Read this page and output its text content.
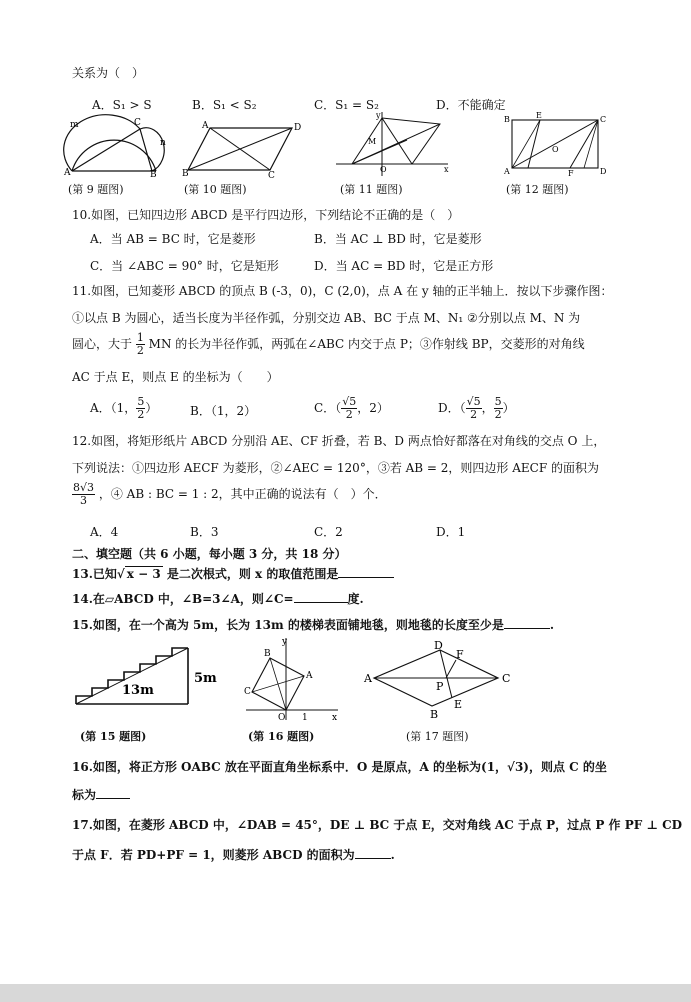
关系为（　）
A．S₁ > S	B．S₁ < S₂	C．S₁ = S₂	D．不能确定
m
A
C
n
B
A	D
B	C
y
M
O	x
B	E	C
O
A	F	D
(第 9 题图)	(第 10 题图)	(第 11 题图)	(第 12 题图)
10.如图，已知四边形 ABCD 是平行四边形，下列结论不正确的是（　）
A．当 AB = BC 时，它是菱形	B．当 AC ⊥ BD 时，它是菱形
C．当 ∠ABC = 90° 时，它是矩形	D．当 AC = BD 时，它是正方形
11.如图，已知菱形 ABCD 的顶点 B (-3，0)，C (2,0)，点 A 在 y 轴的正半轴上．按以下步骤作图：
①以点 B 为圆心，适当长度为半径作弧，分别交边 AB、BC 于点 M、N₁ ②分别以点 M、N 为
圆心，大于 $\frac{1}{2}$ MN 的长为半径作弧，两弧在∠ABC 内交于点 P；③作射线 BP，交菱形的对角线
AC 于点 E，则点 E 的坐标为（　　）
A．（1， $\frac{5}{2}$ ）	B．（1，2）	C．（ $\frac{√5}{2}$ ，2）	D．（ $\frac{√5}{2}$ ， $\frac{5}{2}$ ）
12.如图，将矩形纸片 ABCD 分别沿 AE、CF 折叠，若 B、D 两点恰好都落在对角线的交点 O 上，
下列说法：①四边形 AECF 为菱形，②∠AEC = 120°，③若 AB = 2，则四边形 AECF 的面积为
$\frac{8√3}{3}$ ，④ AB : BC = 1 : 2，其中正确的说法有（　）个．
A．4	B．3	C．2	D．1
二、填空题（共 6 小题，每小题 3 分，共 18 分）
13.已知√ x − 3 是二次根式，则 x 的取值范围是
14.在▱ABCD 中，∠B=3∠A，则∠C=	度.
15.如图，在一个高为 5m，长为 13m 的楼梯表面铺地毯，则地毯的长度至少是	.
13m
5m
y
A
B
C
O	x
1
A
B
C
D
E
F
P
(第 15 题图)	(第 16 题图)	(第 17 题图)
16.如图，将正方形 OABC 放在平面直角坐标系中．O 是原点，A 的坐标为(1，√3)，则点 C 的坐
标为
17.如图，在菱形 ABCD 中，∠DAB = 45°，DE ⊥ BC 于点 E，交对角线 AC 于点 P，过点 P 作 PF ⊥ CD
于点 F．若 PD+PF = 1，则菱形 ABCD 的面积为	.
